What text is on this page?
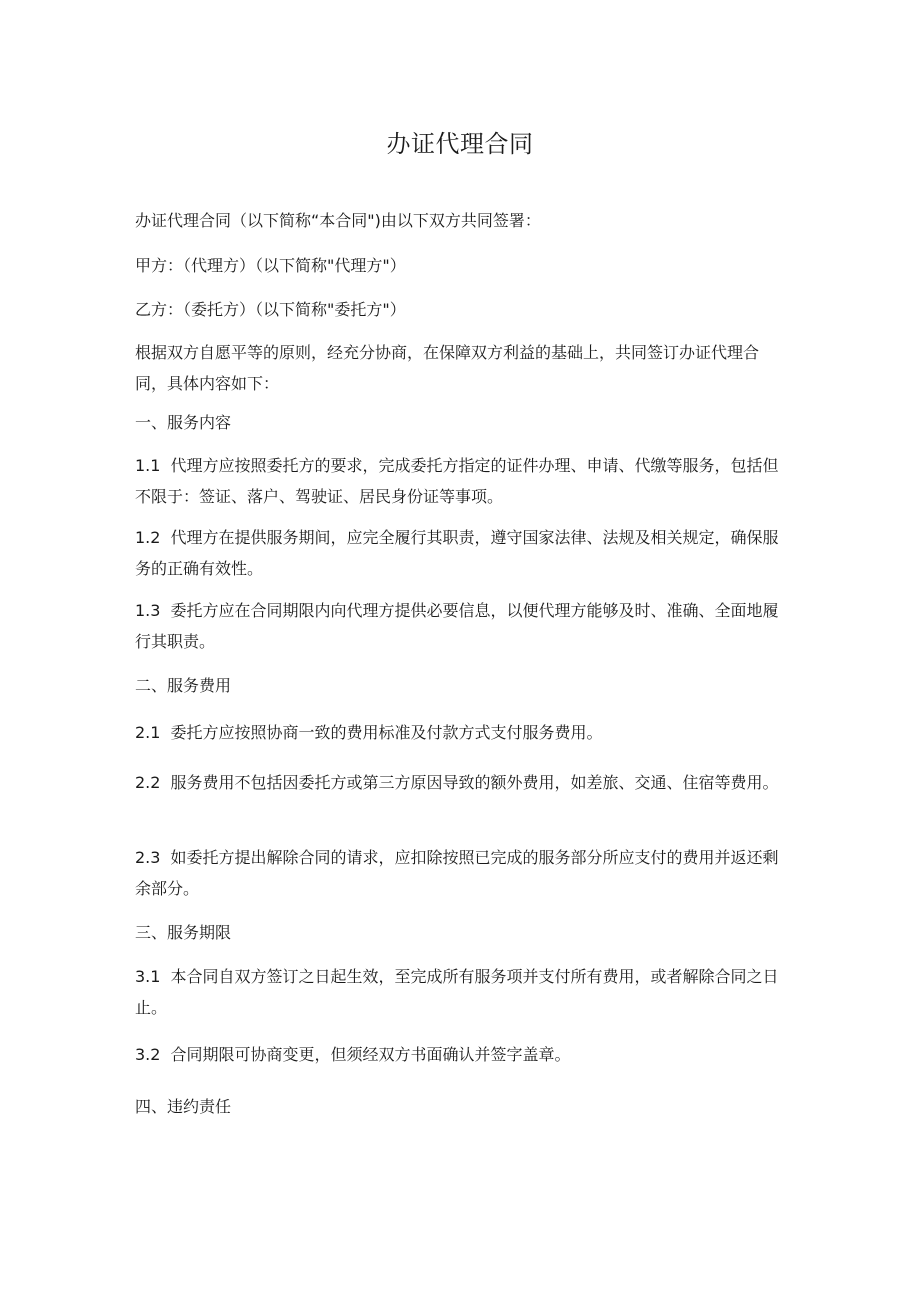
办证代理合同

办证代理合同（以下简称“本合同")由以下双方共同签署：

甲方：（代理方）（以下简称"代理方"）

乙方：（委托方）（以下简称"委托方"）

根据双方自愿平等的原则，经充分协商，在保障双方利益的基础上，共同签订办证代理合同，具体内容如下：

一、服务内容

1.1 代理方应按照委托方的要求，完成委托方指定的证件办理、申请、代缴等服务，包括但不限于：签证、落户、驾驶证、居民身份证等事项。

1.2 代理方在提供服务期间，应完全履行其职责，遵守国家法律、法规及相关规定，确保服务的正确有效性。

1.3 委托方应在合同期限内向代理方提供必要信息，以便代理方能够及时、准确、全面地履行其职责。

二、服务费用

2.1 委托方应按照协商一致的费用标准及付款方式支付服务费用。

2.2 服务费用不包括因委托方或第三方原因导致的额外费用，如差旅、交通、住宿等费用。

2.3 如委托方提出解除合同的请求，应扣除按照已完成的服务部分所应支付的费用并返还剩余部分。

三、服务期限

3.1 本合同自双方签订之日起生效，至完成所有服务项并支付所有费用，或者解除合同之日止。

3.2 合同期限可协商变更，但须经双方书面确认并签字盖章。

四、违约责任
